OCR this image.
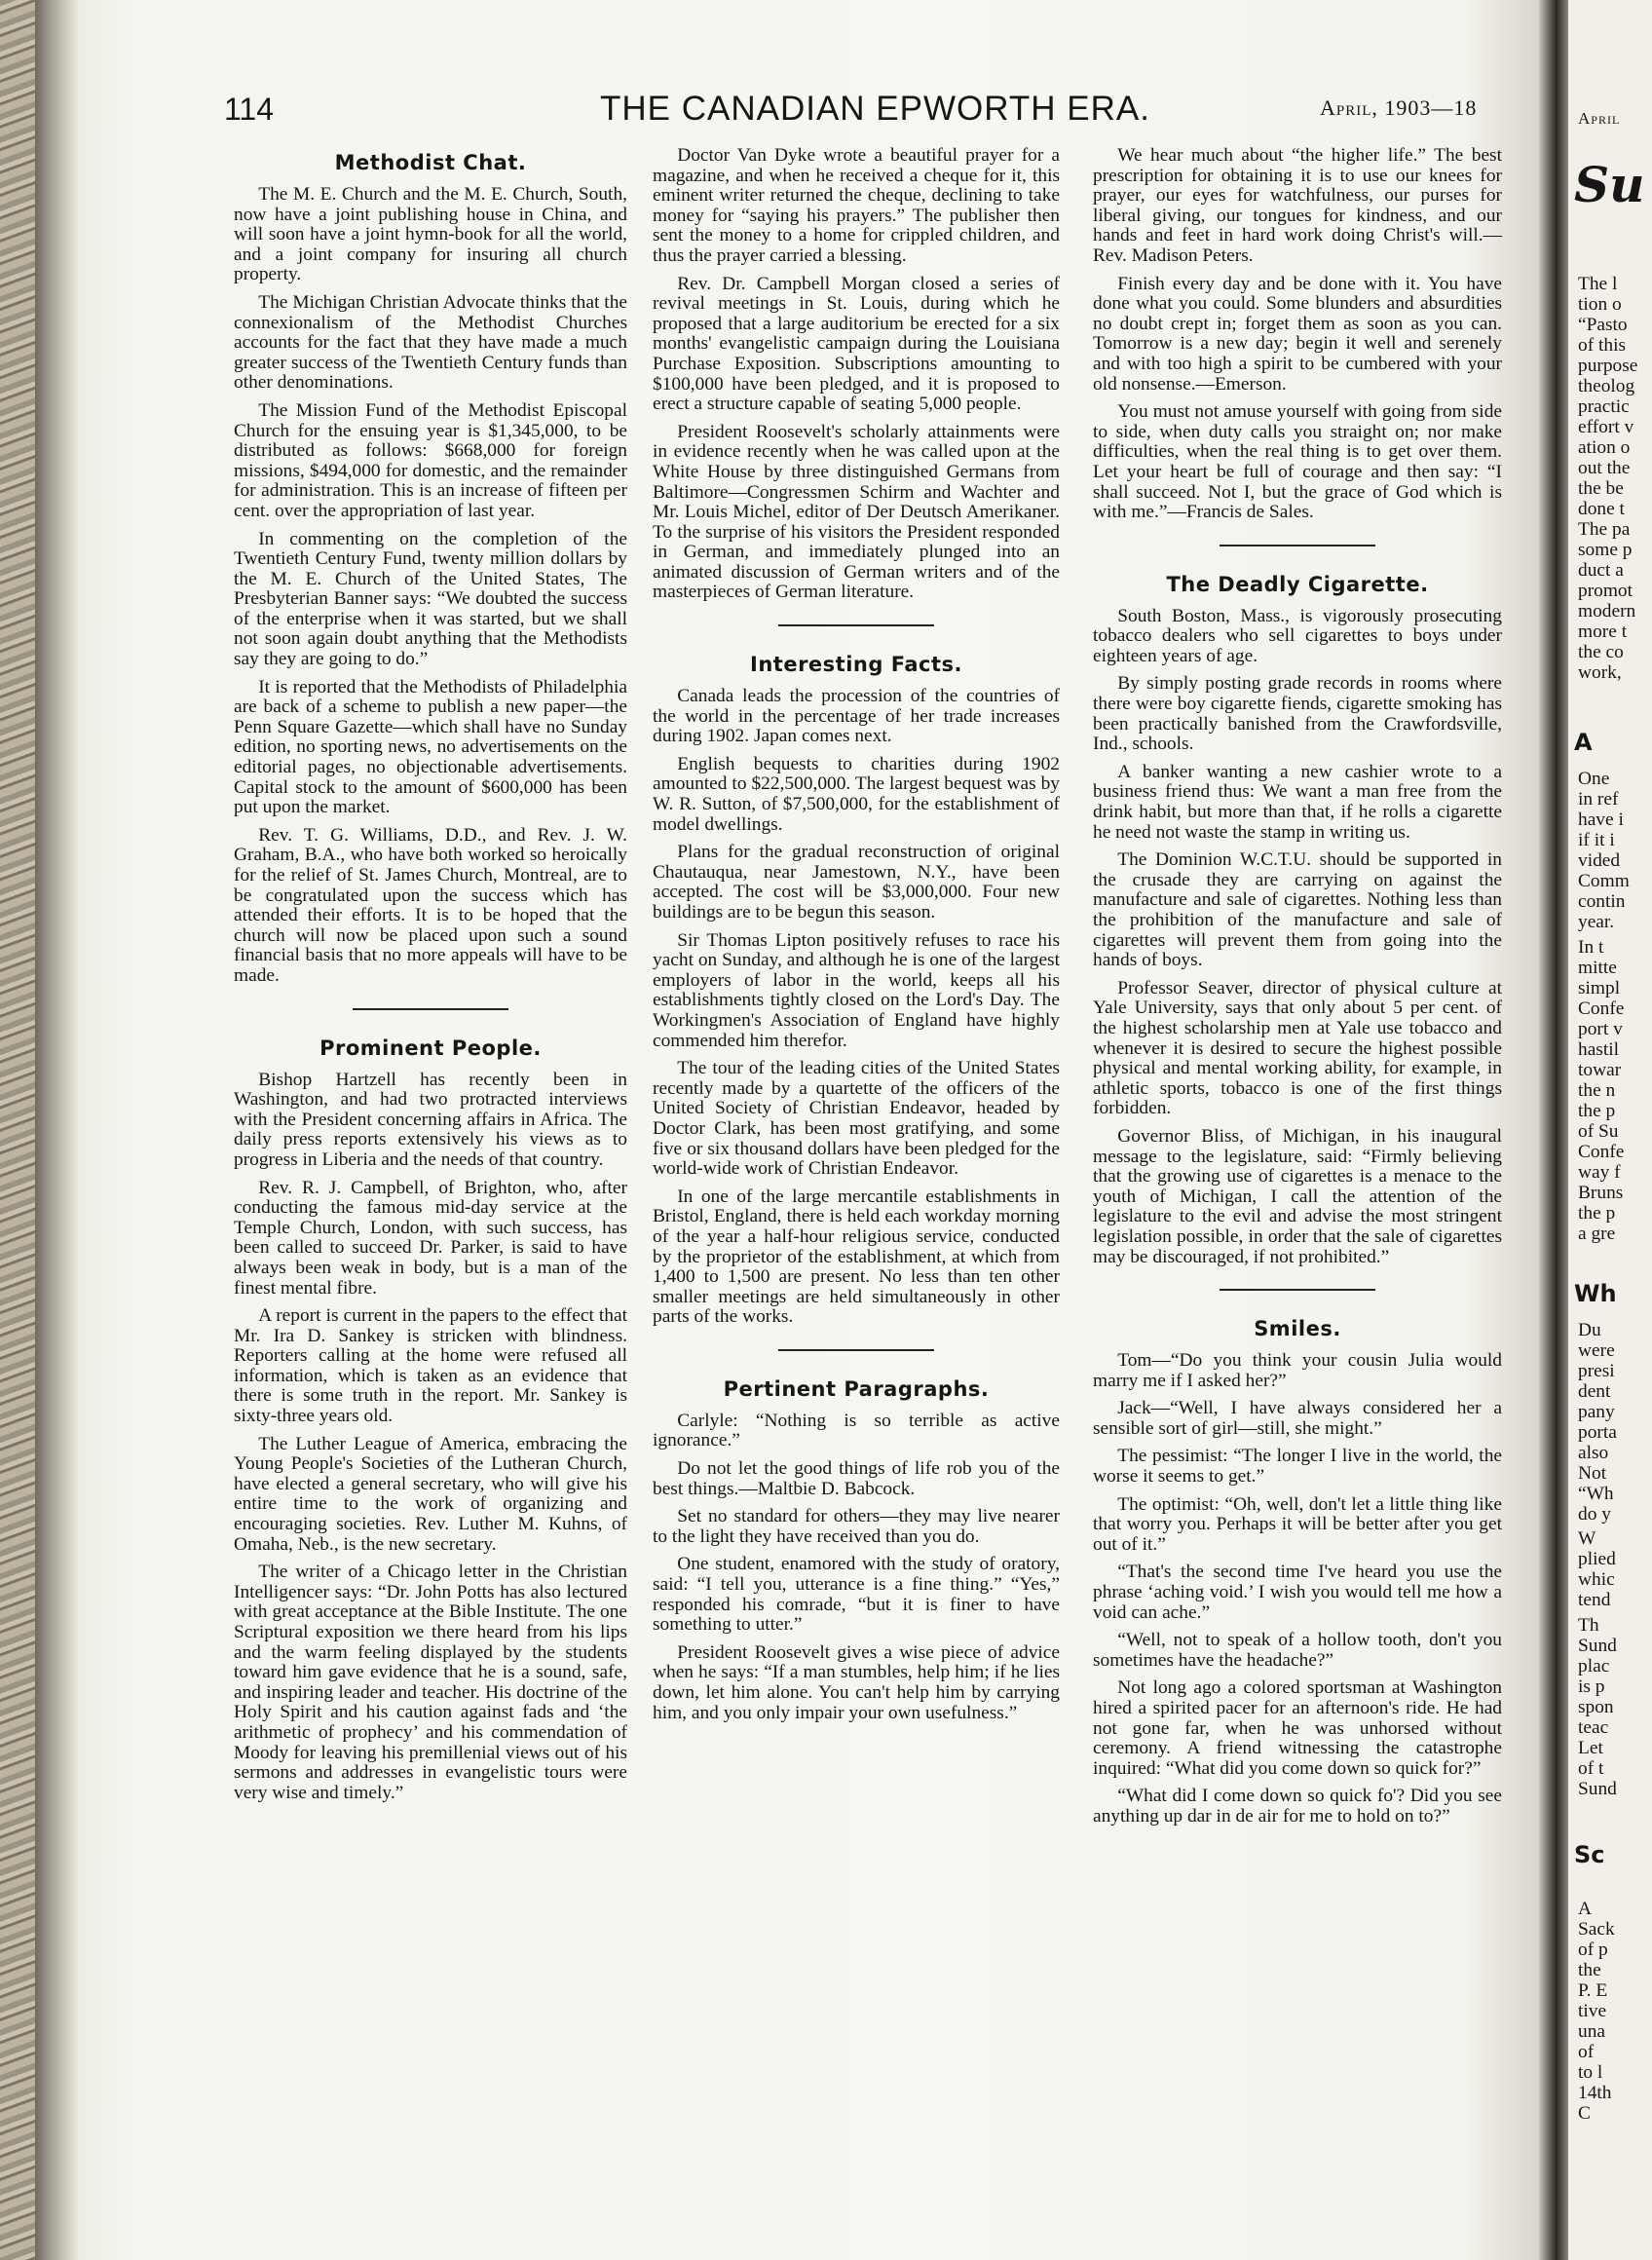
114	THE CANADIAN EPWORTH ERA.	April, 1903—18
Methodist Chat.

The M. E. Church and the M. E. Church, South, now have a joint publishing house in China, and will soon have a joint hymn-book for all the world, and a joint company for insuring all church property.

The Michigan Christian Advocate thinks that the connexionalism of the Methodist Churches accounts for the fact that they have made a much greater success of the Twentieth Century funds than other denominations.

The Mission Fund of the Methodist Episcopal Church for the ensuing year is $1,345,000, to be distributed as follows: $668,000 for foreign missions, $494,000 for domestic, and the remainder for administration. This is an increase of fifteen per cent. over the appropriation of last year.

In commenting on the completion of the Twentieth Century Fund, twenty million dollars by the M. E. Church of the United States, The Presbyterian Banner says: “We doubted the success of the enterprise when it was started, but we shall not soon again doubt anything that the Methodists say they are going to do.”

It is reported that the Methodists of Philadelphia are back of a scheme to publish a new paper—the Penn Square Gazette—which shall have no Sunday edition, no sporting news, no advertisements on the editorial pages, no objectionable advertisements. Capital stock to the amount of $600,000 has been put upon the market.

Rev. T. G. Williams, D.D., and Rev. J. W. Graham, B.A., who have both worked so heroically for the relief of St. James Church, Montreal, are to be congratulated upon the success which has attended their efforts. It is to be hoped that the church will now be placed upon such a sound financial basis that no more appeals will have to be made.

Prominent People.

Bishop Hartzell has recently been in Washington, and had two protracted interviews with the President concerning affairs in Africa. The daily press reports extensively his views as to progress in Liberia and the needs of that country.

Rev. R. J. Campbell, of Brighton, who, after conducting the famous mid-day service at the Temple Church, London, with such success, has been called to succeed Dr. Parker, is said to have always been weak in body, but is a man of the finest mental fibre.

A report is current in the papers to the effect that Mr. Ira D. Sankey is stricken with blindness. Reporters calling at the home were refused all information, which is taken as an evidence that there is some truth in the report. Mr. Sankey is sixty-three years old.

The Luther League of America, embracing the Young People's Societies of the Lutheran Church, have elected a general secretary, who will give his entire time to the work of organizing and encouraging societies. Rev. Luther M. Kuhns, of Omaha, Neb., is the new secretary.

The writer of a Chicago letter in the Christian Intelligencer says: “Dr. John Potts has also lectured with great acceptance at the Bible Institute. The one Scriptural exposition we there heard from his lips and the warm feeling displayed by the students toward him gave evidence that he is a sound, safe, and inspiring leader and teacher. His doctrine of the Holy Spirit and his caution against fads and ‘the arithmetic of prophecy’ and his commendation of Moody for leaving his premillenial views out of his sermons and addresses in evangelistic tours were very wise and timely.”

Doctor Van Dyke wrote a beautiful prayer for a magazine, and when he received a cheque for it, this eminent writer returned the cheque, declining to take money for “saying his prayers.” The publisher then sent the money to a home for crippled children, and thus the prayer carried a blessing.

Rev. Dr. Campbell Morgan closed a series of revival meetings in St. Louis, during which he proposed that a large auditorium be erected for a six months' evangelistic campaign during the Louisiana Purchase Exposition. Subscriptions amounting to $100,000 have been pledged, and it is proposed to erect a structure capable of seating 5,000 people.

President Roosevelt's scholarly attainments were in evidence recently when he was called upon at the White House by three distinguished Germans from Baltimore—Congressmen Schirm and Wachter and Mr. Louis Michel, editor of Der Deutsch Amerikaner. To the surprise of his visitors the President responded in German, and immediately plunged into an animated discussion of German writers and of the masterpieces of German literature.

Interesting Facts.

Canada leads the procession of the countries of the world in the percentage of her trade increases during 1902. Japan comes next.

English bequests to charities during 1902 amounted to $22,500,000. The largest bequest was by W. R. Sutton, of $7,500,000, for the establishment of model dwellings.

Plans for the gradual reconstruction of original Chautauqua, near Jamestown, N.Y., have been accepted. The cost will be $3,000,000. Four new buildings are to be begun this season.

Sir Thomas Lipton positively refuses to race his yacht on Sunday, and although he is one of the largest employers of labor in the world, keeps all his establishments tightly closed on the Lord's Day. The Workingmen's Association of England have highly commended him therefor.

The tour of the leading cities of the United States recently made by a quartette of the officers of the United Society of Christian Endeavor, headed by Doctor Clark, has been most gratifying, and some five or six thousand dollars have been pledged for the world-wide work of Christian Endeavor.

In one of the large mercantile establishments in Bristol, England, there is held each workday morning of the year a half-hour religious service, conducted by the proprietor of the establishment, at which from 1,400 to 1,500 are present. No less than ten other smaller meetings are held simultaneously in other parts of the works.

Pertinent Paragraphs.

Carlyle: “Nothing is so terrible as active ignorance.”

Do not let the good things of life rob you of the best things.—Maltbie D. Babcock.

Set no standard for others—they may live nearer to the light they have received than you do.

One student, enamored with the study of oratory, said: “I tell you, utterance is a fine thing.” “Yes,” responded his comrade, “but it is finer to have something to utter.”

President Roosevelt gives a wise piece of advice when he says: “If a man stumbles, help him; if he lies down, let him alone. You can't help him by carrying him, and you only impair your own usefulness.”

We hear much about “the higher life.” The best prescription for obtaining it is to use our knees for prayer, our eyes for watchfulness, our purses for liberal giving, our tongues for kindness, and our hands and feet in hard work doing Christ's will.—Rev. Madison Peters.

Finish every day and be done with it. You have done what you could. Some blunders and absurdities no doubt crept in; forget them as soon as you can. Tomorrow is a new day; begin it well and serenely and with too high a spirit to be cumbered with your old nonsense.—Emerson.

You must not amuse yourself with going from side to side, when duty calls you straight on; nor make difficulties, when the real thing is to get over them. Let your heart be full of courage and then say: “I shall succeed. Not I, but the grace of God which is with me.”—Francis de Sales.

The Deadly Cigarette.

South Boston, Mass., is vigorously prosecuting tobacco dealers who sell cigarettes to boys under eighteen years of age.

By simply posting grade records in rooms where there were boy cigarette fiends, cigarette smoking has been practically banished from the Crawfordsville, Ind., schools.

A banker wanting a new cashier wrote to a business friend thus: We want a man free from the drink habit, but more than that, if he rolls a cigarette he need not waste the stamp in writing us.

The Dominion W.C.T.U. should be supported in the crusade they are carrying on against the manufacture and sale of cigarettes. Nothing less than the prohibition of the manufacture and sale of cigarettes will prevent them from going into the hands of boys.

Professor Seaver, director of physical culture at Yale University, says that only about 5 per cent. of the highest scholarship men at Yale use tobacco and whenever it is desired to secure the highest possible physical and mental working ability, for example, in athletic sports, tobacco is one of the first things forbidden.

Governor Bliss, of Michigan, in his inaugural message to the legislature, said: “Firmly believing that the growing use of cigarettes is a menace to the youth of Michigan, I call the attention of the legislature to the evil and advise the most stringent legislation possible, in order that the sale of cigarettes may be discouraged, if not prohibited.”

Smiles.

Tom—“Do you think your cousin Julia would marry me if I asked her?”

Jack—“Well, I have always considered her a sensible sort of girl—still, she might.”

The pessimist: “The longer I live in the world, the worse it seems to get.”

The optimist: “Oh, well, don't let a little thing like that worry you. Perhaps it will be better after you get out of it.”

“That's the second time I've heard you use the phrase ‘aching void.’ I wish you would tell me how a void can ache.”

“Well, not to speak of a hollow tooth, don't you sometimes have the headache?”

Not long ago a colored sportsman at Washington hired a spirited pacer for an afternoon's ride. He had not gone far, when he was unhorsed without ceremony. A friend witnessing the catastrophe inquired: “What did you come down so quick for?”

“What did I come down so quick fo'? Did you see anything up dar in de air for me to hold on to?”

April
Su
The l
tion o
“Pasto
of this
purpose
theolog
practic
effort v
ation o
out the
the be
done t
The pa
some p
duct a
promot
modern
more t
the co
work,
A
One
in ref
have i
if it i
vided
Comm
contin
year.
In t
mitte
simpl
Confe
port v
hastil
towar
the n
the p
of Su
Confe
way f
Bruns
the p
a gre
Wh
Du
were
presi
dent
pany
porta
also
Not
“Wh
do y
W
plied
whic
tend
Th
Sund
plac
is p
spon
teac
Let
of t
Sund
Sc
A
Sack
of p
the
P. E
tive
una
of
to l
14th
C
